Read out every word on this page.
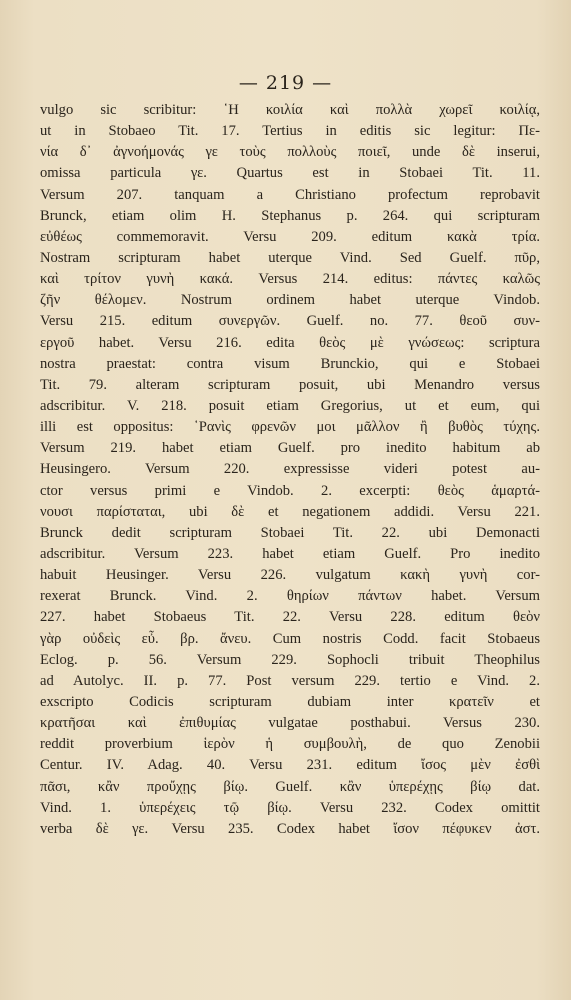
— 219 —
vulgo sic scribitur: ῾Η κοιλία καὶ πολλὰ χωρεῖ κοιλίᾳ,
ut in Stobaeo Tit. 17. Tertius in editis sic legitur: Πε-
νία δ᾽ ἀγνοήμονάς γε τοὺς πολλοὺς ποιεῖ, unde δὲ inserui,
omissa particula γε. Quartus est in Stobaei Tit. 11.
Versum 207. tanquam a Christiano profectum reprobavit
Brunck, etiam olim H. Stephanus p. 264. qui scripturam
εὐθέως commemoravit. Versu 209. editum κακὰ τρία.
Nostram scripturam habet uterque Vind. Sed Guelf. πῦρ,
καὶ τρίτον γυνὴ κακά. Versus 214. editus: πάντες καλῶς
ζῆν θέλομεν. Nostrum ordinem habet uterque Vindob.
Versu 215. editum συνεργῶν. Guelf. no. 77. θεοῦ συν-
εργοῦ habet. Versu 216. edita θεὸς μὲ γνώσεως: scriptura
nostra praestat: contra visum Brunckio, qui e Stobaei
Tit. 79. alteram scripturam posuit, ubi Menandro versus
adscribitur. V. 218. posuit etiam Gregorius, ut et eum, qui
illi est oppositus: ῾Ρανὶς φρενῶν μοι μᾶλλον ἢ βυθὸς τύχης.
Versum 219. habet etiam Guelf. pro inedito habitum ab
Heusingero. Versum 220. expressisse videri potest au-
ctor versus primi e Vindob. 2. excerpti: θεὸς ἁμαρτά-
νουσι παρίσταται, ubi δὲ et negationem addidi. Versu 221.
Brunck dedit scripturam Stobaei Tit. 22. ubi Demonacti
adscribitur. Versum 223. habet etiam Guelf. Pro inedito
habuit Heusinger. Versu 226. vulgatum κακὴ γυνὴ cor-
rexerat Brunck. Vind. 2. θηρίων πάντων habet. Versum
227. habet Stobaeus Tit. 22. Versu 228. editum θεὸν
γὰρ οὐδεὶς εὖ. βρ. ἄνευ. Cum nostris Codd. facit Stobaeus
Eclog. p. 56. Versum 229. Sophocli tribuit Theophilus
ad Autolyc. II. p. 77. Post versum 229. tertio e Vind. 2.
exscripto Codicis scripturam dubiam inter κρατεῖν et
κρατῆσαι καὶ ἐπιθυμίας vulgatae posthabui. Versus 230.
reddit proverbium ἱερὸν ἡ συμβουλὴ, de quo Zenobii
Centur. IV. Adag. 40. Versu 231. editum ἴσος μὲν ἐσθὶ
πᾶσι, κἂν προὔχῃς βίῳ. Guelf. κἂν ὑπερέχῃς βίῳ dat.
Vind. 1. ὑπερέχεις τῷ βίῳ. Versu 232. Codex omittit
verba δὲ γε. Versu 235. Codex habet ἴσον πέφυκεν ἀστ.
